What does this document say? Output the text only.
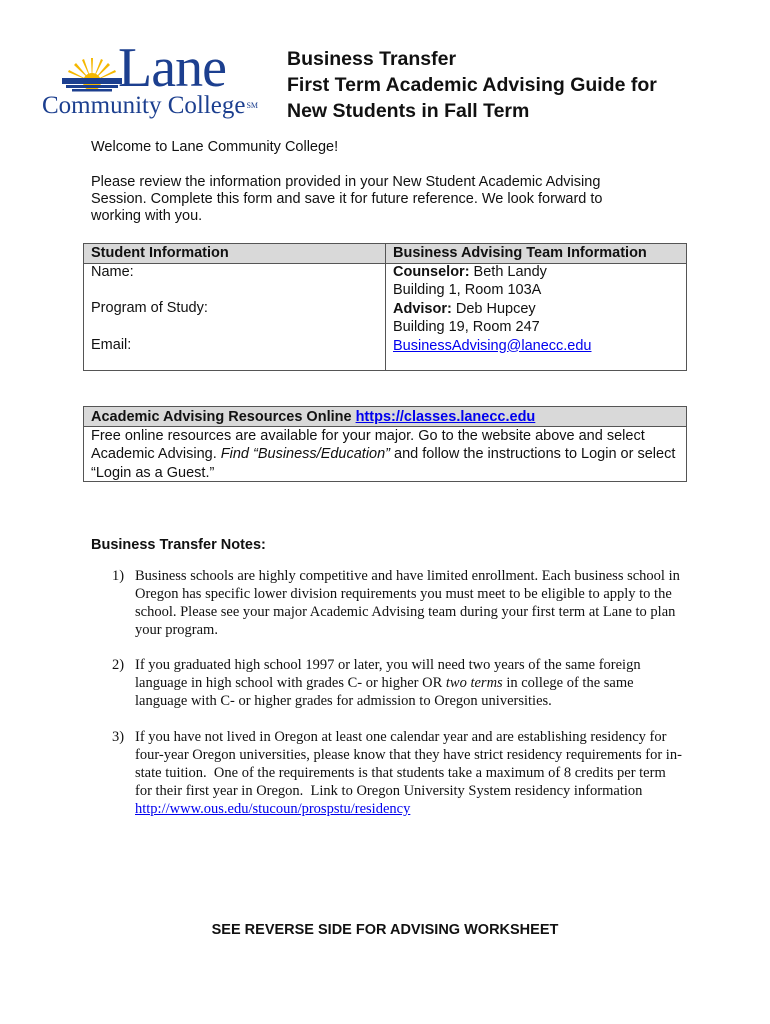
Lane
Community College℠
Business Transfer
First Term Academic Advising Guide for
New Students in Fall Term
Welcome to Lane Community College!
Please review the information provided in your New Student Academic Advising Session. Complete this form and save it for future reference. We look forward to working with you.
Student Information
Name:
Program of Study:
Email:
Business Advising Team Information
Counselor: Beth Landy
Building 1, Room 103A
Advisor: Deb Hupcey
Building 19, Room 247
BusinessAdvising@lanecc.edu
Academic Advising Resources Online https://classes.lanecc.edu
Free online resources are available for your major. Go to the website above and select Academic Advising. Find “Business/Education” and follow the instructions to Login or select “Login as a Guest.”
Business Transfer Notes:
1) Business schools are highly competitive and have limited enrollment. Each business school in Oregon has specific lower division requirements you must meet to be eligible to apply to the school. Please see your major Academic Advising team during your first term at Lane to plan your program.
2) If you graduated high school 1997 or later, you will need two years of the same foreign language in high school with grades C- or higher OR two terms in college of the same language with C- or higher grades for admission to Oregon universities.
3) If you have not lived in Oregon at least one calendar year and are establishing residency for four-year Oregon universities, please know that they have strict residency requirements for in-state tuition.  One of the requirements is that students take a maximum of 8 credits per term for their first year in Oregon.  Link to Oregon University System residency information   http://www.ous.edu/stucoun/prospstu/residency
SEE REVERSE SIDE FOR ADVISING WORKSHEET
